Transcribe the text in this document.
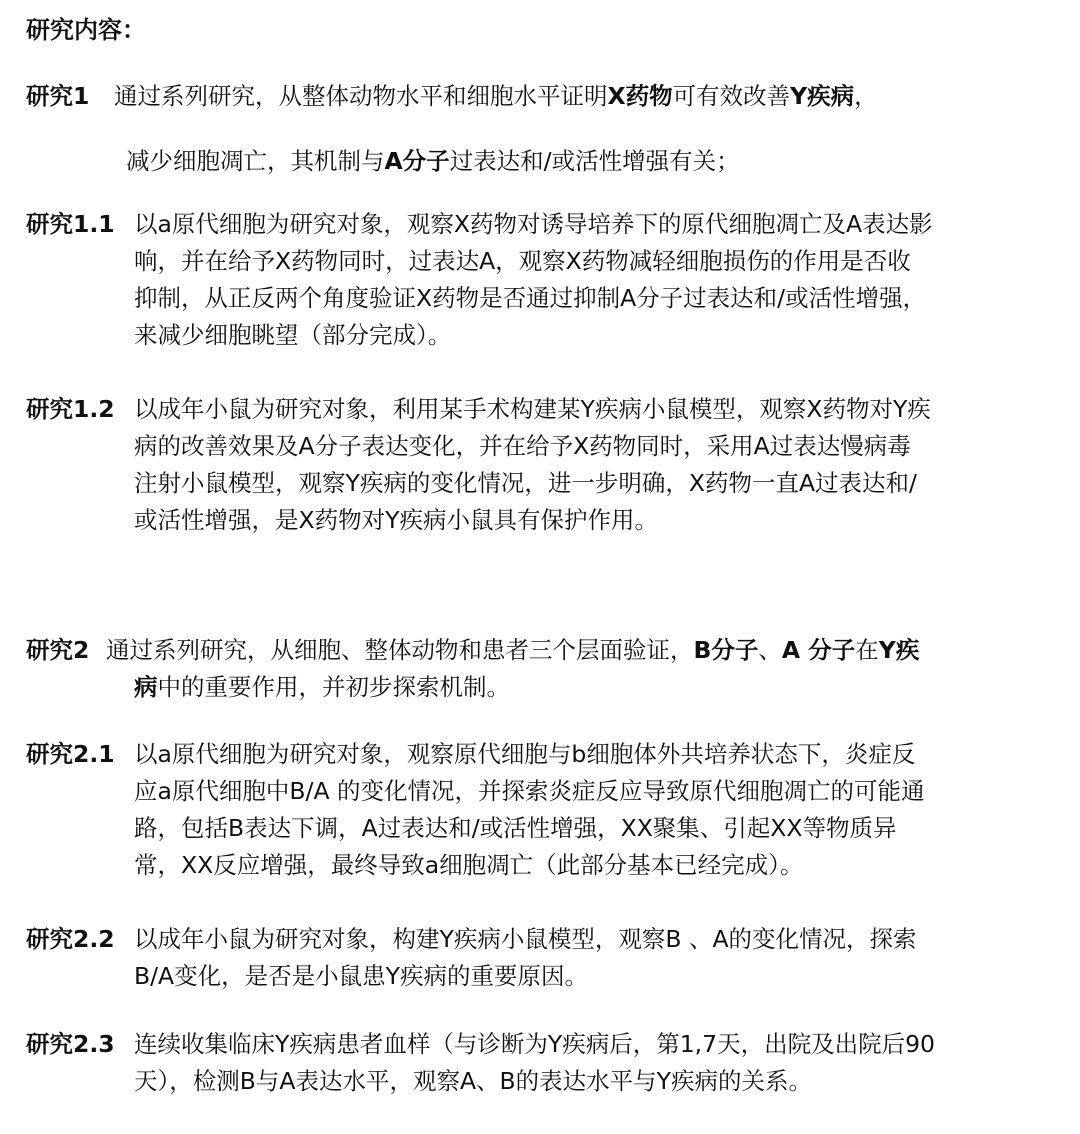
研究内容：
研究1 通过系列研究，从整体动物水平和细胞水平证明X药物可有效改善Y疾病，
减少细胞凋亡，其机制与A分子过表达和/或活性增强有关；
研究1.1 以a原代细胞为研究对象，观察X药物对诱导培养下的原代细胞凋亡及A表达影
响，并在给予X药物同时，过表达A，观察X药物减轻细胞损伤的作用是否收
抑制，从正反两个角度验证X药物是否通过抑制A分子过表达和/或活性增强，
来减少细胞眺望（部分完成）。
研究1.2 以成年小鼠为研究对象，利用某手术构建某Y疾病小鼠模型，观察X药物对Y疾
病的改善效果及A分子表达变化，并在给予X药物同时，采用A过表达慢病毒
注射小鼠模型，观察Y疾病的变化情况，进一步明确，X药物一直A过表达和/
或活性增强，是X药物对Y疾病小鼠具有保护作用。
研究2 通过系列研究，从细胞、整体动物和患者三个层面验证，B分子、A 分子在Y疾
病中的重要作用，并初步探索机制。
研究2.1 以a原代细胞为研究对象，观察原代细胞与b细胞体外共培养状态下，炎症反
应a原代细胞中B/A 的变化情况，并探索炎症反应导致原代细胞凋亡的可能通
路，包括B表达下调，A过表达和/或活性增强，XX聚集、引起XX等物质异
常，XX反应增强，最终导致a细胞凋亡（此部分基本已经完成）。
研究2.2 以成年小鼠为研究对象，构建Y疾病小鼠模型，观察B 、A的变化情况，探索
B/A变化，是否是小鼠患Y疾病的重要原因。
研究2.3 连续收集临床Y疾病患者血样（与诊断为Y疾病后，第1,7天，出院及出院后90
天），检测B与A表达水平，观察A、B的表达水平与Y疾病的关系。
